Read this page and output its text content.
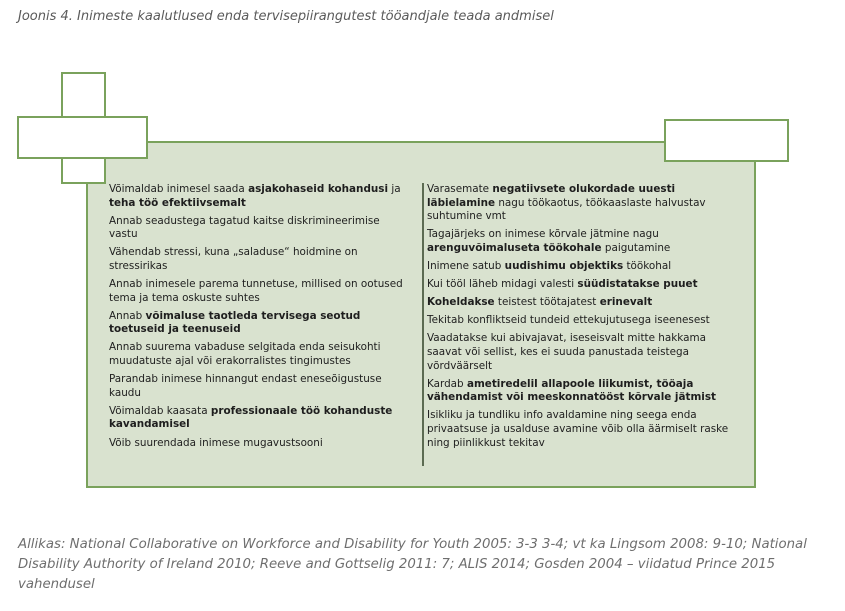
Joonis 4. Inimeste kaalutlused enda tervisepiirangutest tööandjale teada andmisel
Võimaldab inimesel saada asjakohaseid kohandusi ja teha töö efektiivsemalt
Annab seadustega tagatud kaitse diskrimineerimise vastu
Vähendab stressi, kuna „saladuse“ hoidmine on stressirikas
Annab inimesele parema tunnetuse, millised on ootused tema ja tema oskuste suhtes
Annab võimaluse taotleda tervisega seotud toetuseid ja teenuseid
Annab suurema vabaduse selgitada enda seisukohti muudatuste ajal või erakorralistes tingimustes
Parandab inimese hinnangut endast eneseõigustuse kaudu
Võimaldab kaasata professionaale töö kohanduste kavandamisel
Võib suurendada inimese mugavustsooni
Varasemate negatiivsete olukordade uuesti läbielamine nagu töökaotus, töökaaslaste halvustav suhtumine vmt
Tagajärjeks on inimese kõrvale jätmine nagu arenguvõimaluseta töökohale paigutamine
Inimene satub uudishimu objektiks töökohal
Kui tööl läheb midagi valesti süüdistatakse puuet
Koheldakse teistest töötajatest erinevalt
Tekitab konfliktseid tundeid ettekujutusega iseenesest
Vaadatakse kui abivajavat, iseseisvalt mitte hakkama saavat või sellist, kes ei suuda panustada teistega võrdväärselt
Kardab ametiredelil allapoole liikumist, tööaja vähendamist või meeskonnatööst kõrvale jätmist
Isikliku ja tundliku info avaldamine ning seega enda privaatsuse ja usalduse avamine võib olla äärmiselt raske ning piinlikkust tekitav
Allikas: National Collaborative on Workforce and Disability for Youth 2005: 3-3 3-4; vt ka Lingsom 2008: 9-10; National Disability Authority of Ireland 2010; Reeve and Gottselig 2011: 7; ALIS 2014; Gosden 2004 – viidatud Prince 2015 vahendusel
